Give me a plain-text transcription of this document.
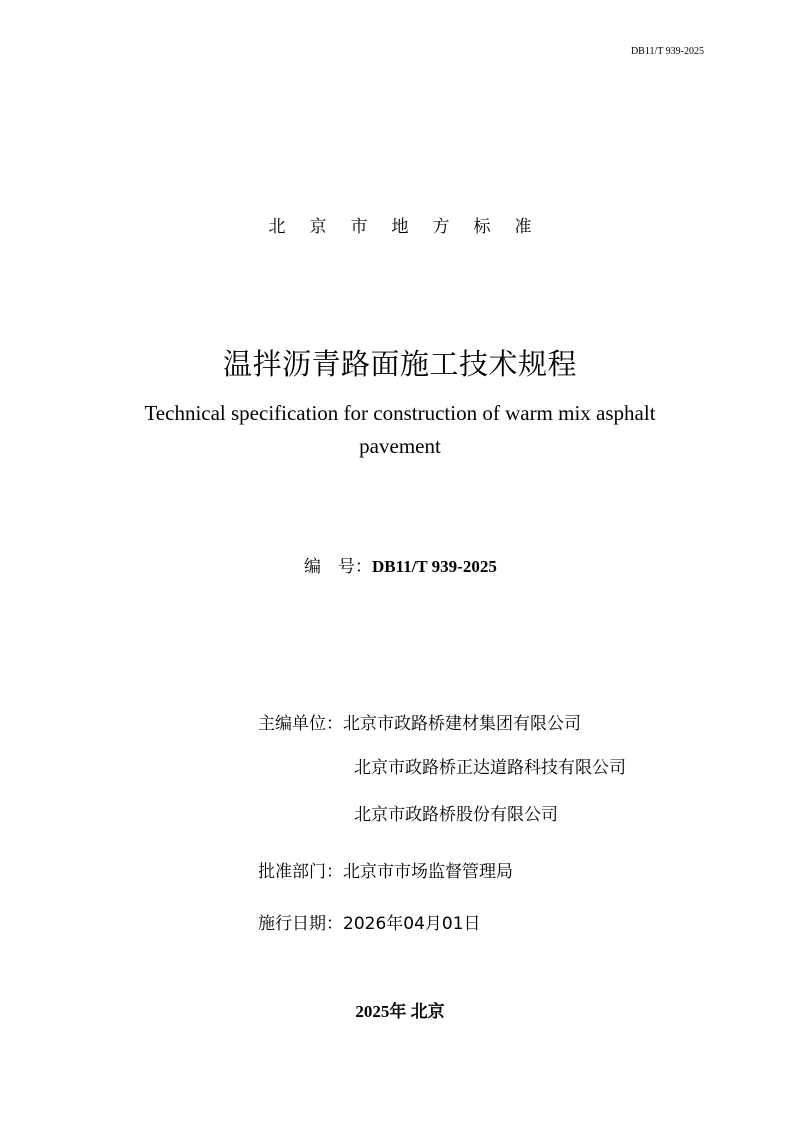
DB11/T 939-2025
北京市地方标准
温拌沥青路面施工技术规程
Technical specification for construction of warm mix asphalt pavement
编　号：DB11/T 939-2025
主编单位：北京市政路桥建材集团有限公司
北京市政路桥正达道路科技有限公司
北京市政路桥股份有限公司
批准部门：北京市市场监督管理局
施行日期：2026年04月01日
2025年 北京
